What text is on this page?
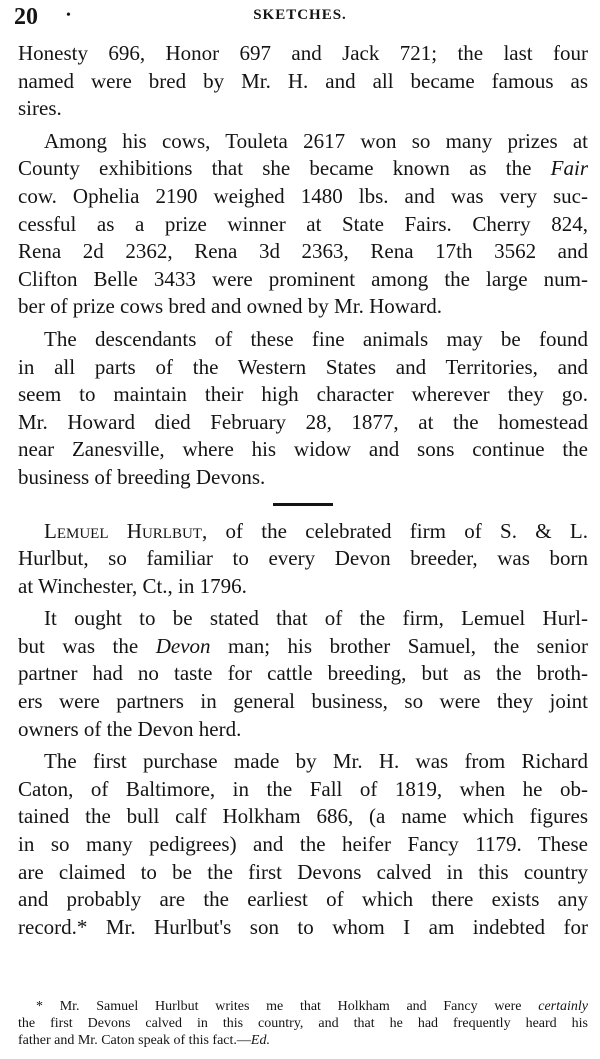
20 •	SKETCHES.
Honesty 696, Honor 697 and Jack 721; the last four
named were bred by Mr. H. and all became famous as
sires.
Among his cows, Touleta 2617 won so many prizes at
County exhibitions that she became known as the Fair
cow. Ophelia 2190 weighed 1480 lbs. and was very suc-
cessful as a prize winner at State Fairs. Cherry 824,
Rena 2d 2362, Rena 3d 2363, Rena 17th 3562 and
Clifton Belle 3433 were prominent among the large num-
ber of prize cows bred and owned by Mr. Howard.
The descendants of these fine animals may be found
in all parts of the Western States and Territories, and
seem to maintain their high character wherever they go.
Mr. Howard died February 28, 1877, at the homestead
near Zanesville, where his widow and sons continue the
business of breeding Devons.
Lemuel Hurlbut, of the celebrated firm of S. & L.
Hurlbut, so familiar to every Devon breeder, was born
at Winchester, Ct., in 1796.
It ought to be stated that of the firm, Lemuel Hurl-
but was the Devon man; his brother Samuel, the senior
partner had no taste for cattle breeding, but as the broth-
ers were partners in general business, so were they joint
owners of the Devon herd.
The first purchase made by Mr. H. was from Richard
Caton, of Baltimore, in the Fall of 1819, when he ob-
tained the bull calf Holkham 686, (a name which figures
in so many pedigrees) and the heifer Fancy 1179. These
are claimed to be the first Devons calved in this country
and probably are the earliest of which there exists any
record.* Mr. Hurlbut's son to whom I am indebted for
* Mr. Samuel Hurlbut writes me that Holkham and Fancy were certainly
the first Devons calved in this country, and that he had frequently heard his
father and Mr. Caton speak of this fact.—Ed.
